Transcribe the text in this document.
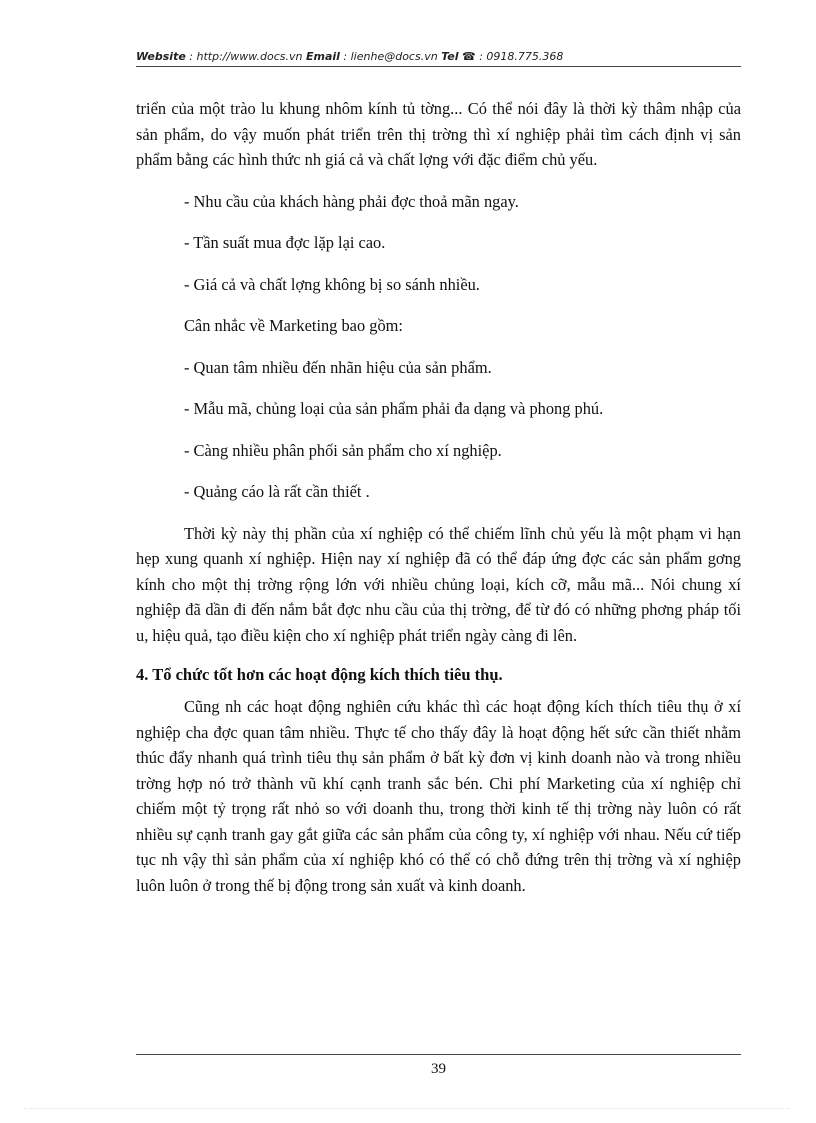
Website : http://www.docs.vn Email : lienhe@docs.vn Tel ☎ : 0918.775.368

triển của một trào lu khung nhôm kính tủ tờng... Có thể nói đây là thời kỳ thâm nhập của sản phẩm, do vậy muốn phát triển trên thị trờng thì xí nghiệp phải tìm cách định vị sản phẩm bằng các hình thức nh giá cả và chất lợng với đặc điểm chủ yếu.

- Nhu cầu của khách hàng phải đợc thoả mãn ngay.

- Tần suất mua đợc lặp lại cao.

- Giá cả và chất lợng không bị so sánh nhiều.

Cân nhắc về Marketing bao gồm:

- Quan tâm nhiều đến nhãn hiệu của sản phẩm.

- Mẫu mã, chủng loại của sản phẩm phải đa dạng và phong phú.

- Càng nhiều phân phối sản phẩm cho xí nghiệp.

- Quảng cáo là rất cần thiết .

Thời kỳ này thị phần của xí nghiệp có thể chiếm lĩnh chủ yếu là một phạm vi hạn hẹp xung quanh xí nghiệp. Hiện nay xí nghiệp đã có thể đáp ứng đợc các sản phẩm gơng kính cho một thị trờng rộng lớn với nhiều chủng loại, kích cỡ, mẫu mã... Nói chung xí nghiệp đã dần đi đến nắm bắt đợc nhu cầu của thị trờng, để từ đó có những phơng pháp tối u, hiệu quả, tạo điều kiện cho xí nghiệp phát triển ngày càng đi lên.

4. Tổ chức tốt hơn các hoạt động kích thích tiêu thụ.

Cũng nh các hoạt động nghiên cứu khác thì các hoạt động kích thích tiêu thụ ở xí nghiệp cha đợc quan tâm nhiều. Thực tế cho thấy đây là hoạt động hết sức cần thiết nhằm thúc đẩy nhanh quá trình tiêu thụ sản phẩm ở bất kỳ đơn vị kinh doanh nào và trong nhiều trờng hợp nó trở thành vũ khí cạnh tranh sắc bén. Chi phí Marketing của xí nghiệp chỉ chiếm một tỷ trọng rất nhỏ so với doanh thu, trong thời kinh tế thị trờng này luôn có rất nhiều sự cạnh tranh gay gắt giữa các sản phẩm của công ty, xí nghiệp với nhau. Nếu cứ tiếp tục nh vậy thì sản phẩm của xí nghiệp khó có thể có chỗ đứng trên thị trờng và xí nghiệp luôn luôn ở trong thế bị động trong sản xuất và kinh doanh.

39
